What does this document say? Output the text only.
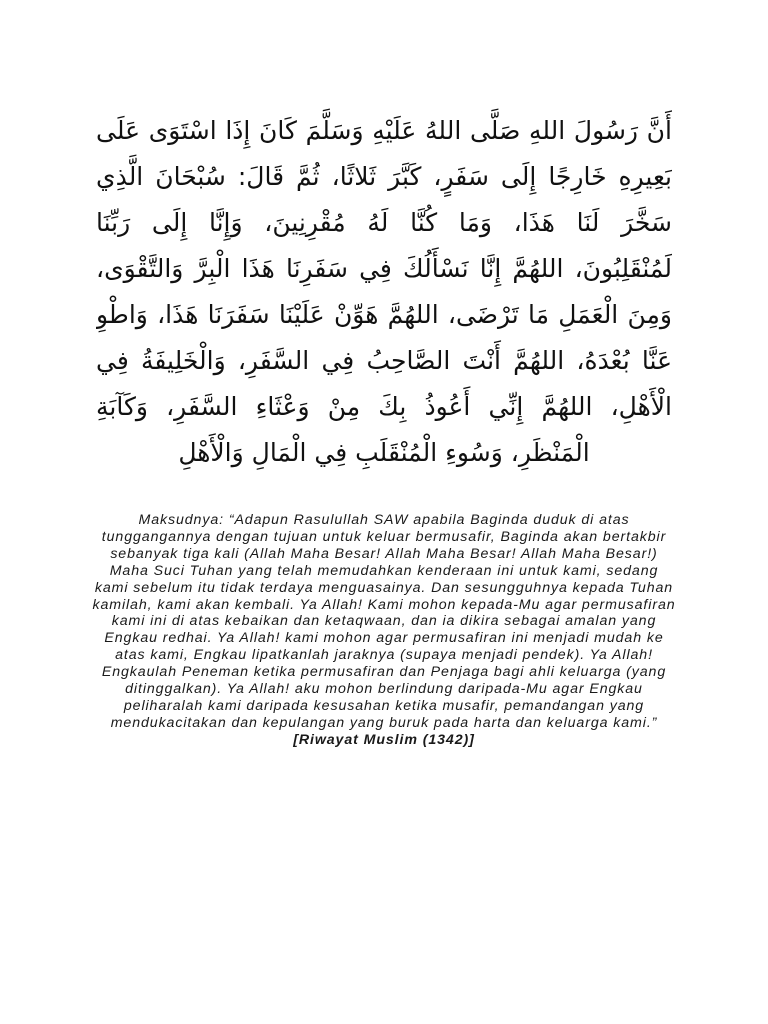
أَنَّ رَسُولَ اللهِ صَلَّى اللهُ عَلَيْهِ وَسَلَّمَ كَانَ إِذَا اسْتَوَى عَلَى
بَعِيرِهِ خَارِجًا إِلَى سَفَرٍ، كَبَّرَ ثَلاثًا، ثُمَّ قَالَ: سُبْحَانَ الَّذِي
سَخَّرَ لَنَا هَذَا، وَمَا كُنَّا لَهُ مُقْرِنِينَ، وَإِنَّا إِلَى رَبِّنَا
لَمُنْقَلِبُونَ، اللهُمَّ إِنَّا نَسْأَلُكَ فِي سَفَرِنَا هَذَا الْبِرَّ وَالتَّقْوَى،
وَمِنَ الْعَمَلِ مَا تَرْضَى، اللهُمَّ هَوِّنْ عَلَيْنَا سَفَرَنَا هَذَا، وَاطْوِ
عَنَّا بُعْدَهُ، اللهُمَّ أَنْتَ الصَّاحِبُ فِي السَّفَرِ، وَالْخَلِيفَةُ فِي
الْأَهْلِ، اللهُمَّ إِنِّي أَعُوذُ بِكَ مِنْ وَعْثَاءِ السَّفَرِ، وَكَآبَةِ
الْمَنْظَرِ، وَسُوءِ الْمُنْقَلَبِ فِي الْمَالِ وَالْأَهْلِ

Maksudnya: “Adapun Rasulullah SAW apabila Baginda duduk di atas tunggangannya dengan tujuan untuk keluar bermusafir, Baginda akan bertakbir sebanyak tiga kali (Allah Maha Besar! Allah Maha Besar! Allah Maha Besar!) Maha Suci Tuhan yang telah memudahkan kenderaan ini untuk kami, sedang kami sebelum itu tidak terdaya menguasainya. Dan sesungguhnya kepada Tuhan kamilah, kami akan kembali. Ya Allah! Kami mohon kepada-Mu agar permusafiran kami ini di atas kebaikan dan ketaqwaan, dan ia dikira sebagai amalan yang Engkau redhai. Ya Allah! kami mohon agar permusafiran ini menjadi mudah ke atas kami, Engkau lipatkanlah jaraknya (supaya menjadi pendek). Ya Allah! Engkaulah Peneman ketika permusafiran dan Penjaga bagi ahli keluarga (yang ditinggalkan). Ya Allah! aku mohon berlindung daripada-Mu agar Engkau peliharalah kami daripada kesusahan ketika musafir, pemandangan yang mendukacitakan dan kepulangan yang buruk pada harta dan keluarga kami.” [Riwayat Muslim (1342)]
